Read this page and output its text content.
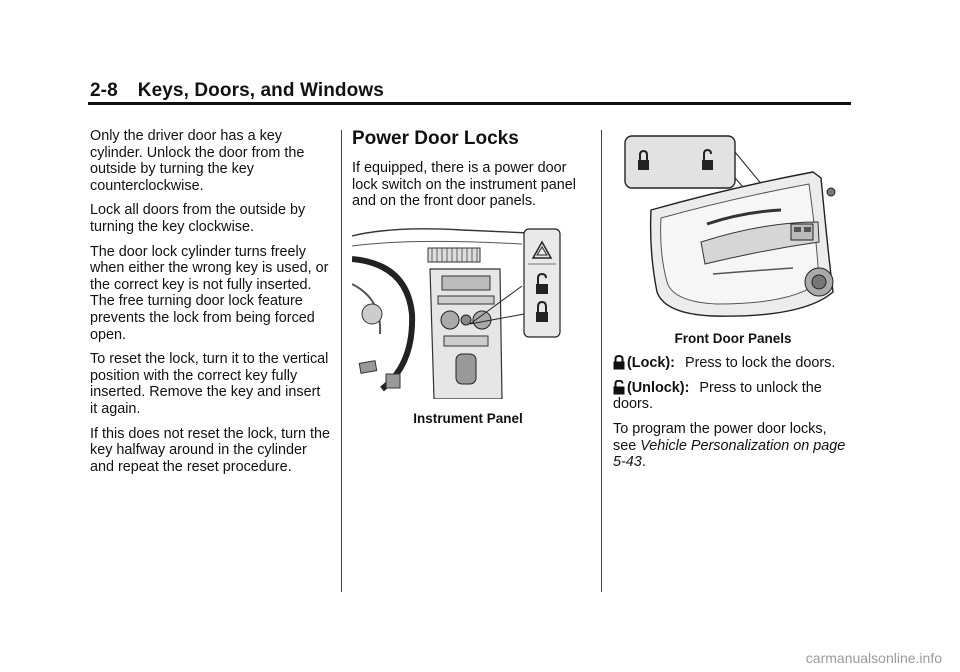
2-8 Keys, Doors, and Windows

Only the driver door has a key cylinder. Unlock the door from the outside by turning the key counterclockwise.

Lock all doors from the outside by turning the key clockwise.

The door lock cylinder turns freely when either the wrong key is used, or the correct key is not fully inserted. The free turning door lock feature prevents the lock from being forced open.

To reset the lock, turn it to the vertical position with the correct key fully inserted. Remove the key and insert it again.

If this does not reset the lock, turn the key halfway around in the cylinder and repeat the reset procedure.

Power Door Locks

If equipped, there is a power door lock switch on the instrument panel and on the front door panels.

Instrument Panel
Front Door Panels

(Lock): Press to lock the doors.

(Unlock): Press to unlock the doors.

To program the power door locks, see Vehicle Personalization on page 5-43.

carmanualsonline.info
